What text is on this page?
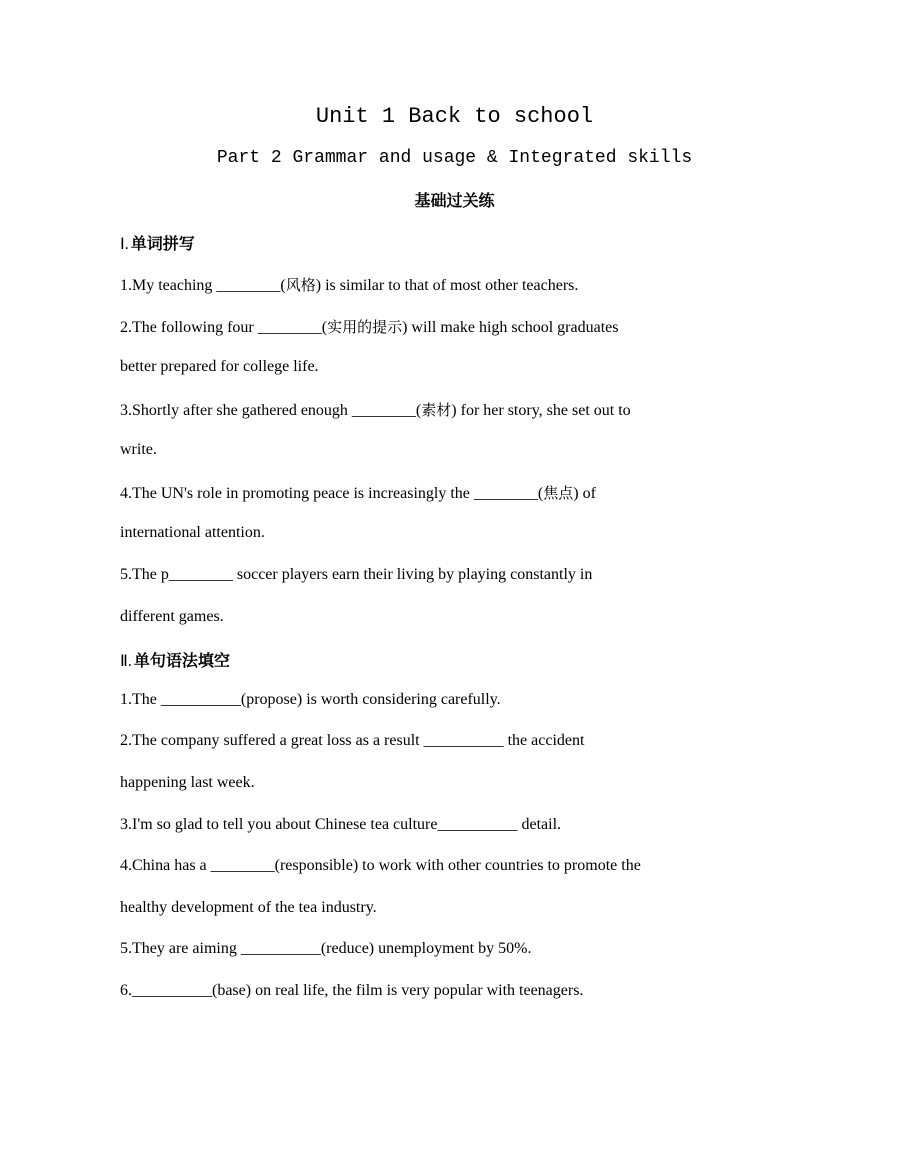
Unit 1 Back to school
Part 2 Grammar and usage & Integrated skills
基础过关练
Ⅰ. 单词拼写
1.My teaching ________(风格) is similar to that of most other teachers.
2.The following four ________(实用的提示) will make high school graduates
better prepared for college life.
3.Shortly after she gathered enough ________(素材) for her story, she set out to
write.
4.The UN's role in promoting peace is increasingly the ________(焦点) of
international attention.
5.The p________ soccer players earn their living by playing constantly in
different games.
Ⅱ. 单句语法填空
1.The __________(propose) is worth considering carefully.
2.The company suffered a great loss as a result __________ the accident
happening last week.
3.I'm so glad to tell you about Chinese tea culture__________ detail.
4.China has a ________(responsible) to work with other countries to promote the
healthy development of the tea industry.
5.They are aiming __________(reduce) unemployment by 50%.
6.__________(base) on real life, the film is very popular with teenagers.
